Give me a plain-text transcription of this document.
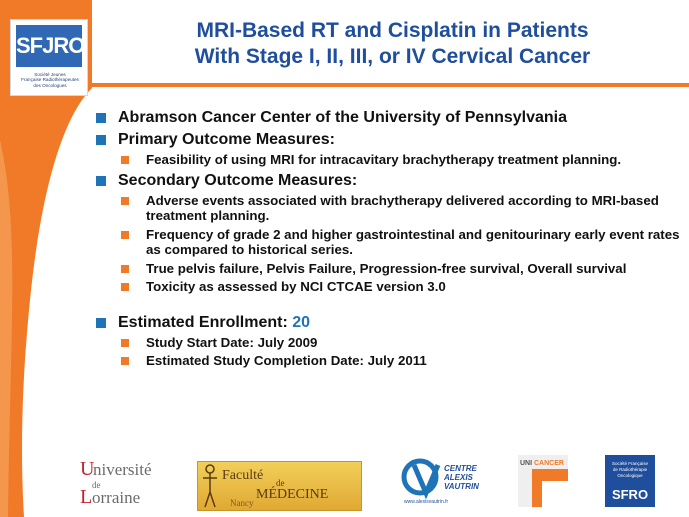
SFJRO
Société Jeunes
Française Radiothérapeutes
des Oncologues
MRI-Based RT and Cisplatin in Patients
With Stage I, II, III, or IV Cervical Cancer
Abramson Cancer Center of the University of Pennsylvania
Primary Outcome Measures:
Feasibility of using MRI for intracavitary brachytherapy treatment planning.
Secondary Outcome Measures:
Adverse events associated with brachytherapy delivered according to MRI-based treatment planning.
Frequency of grade 2 and higher gastrointestinal and genitourinary early event rates as compared to historical series.
True pelvis failure, Pelvis Failure, Progression-free survival, Overall survival
Toxicity as assessed by NCI CTCAE version 3.0
Estimated Enrollment: 20
Study Start Date: July 2009
Estimated Study Completion Date: July 2011
U
niversité
de
L orraine
Faculté de
MÉDECINE
Nancy
CENTRE
ALEXIS
VAUTRIN
www.alexisvautrin.fr
UNI CANCER	Société Française
de Radiothérapie
Oncologique
SFRO
